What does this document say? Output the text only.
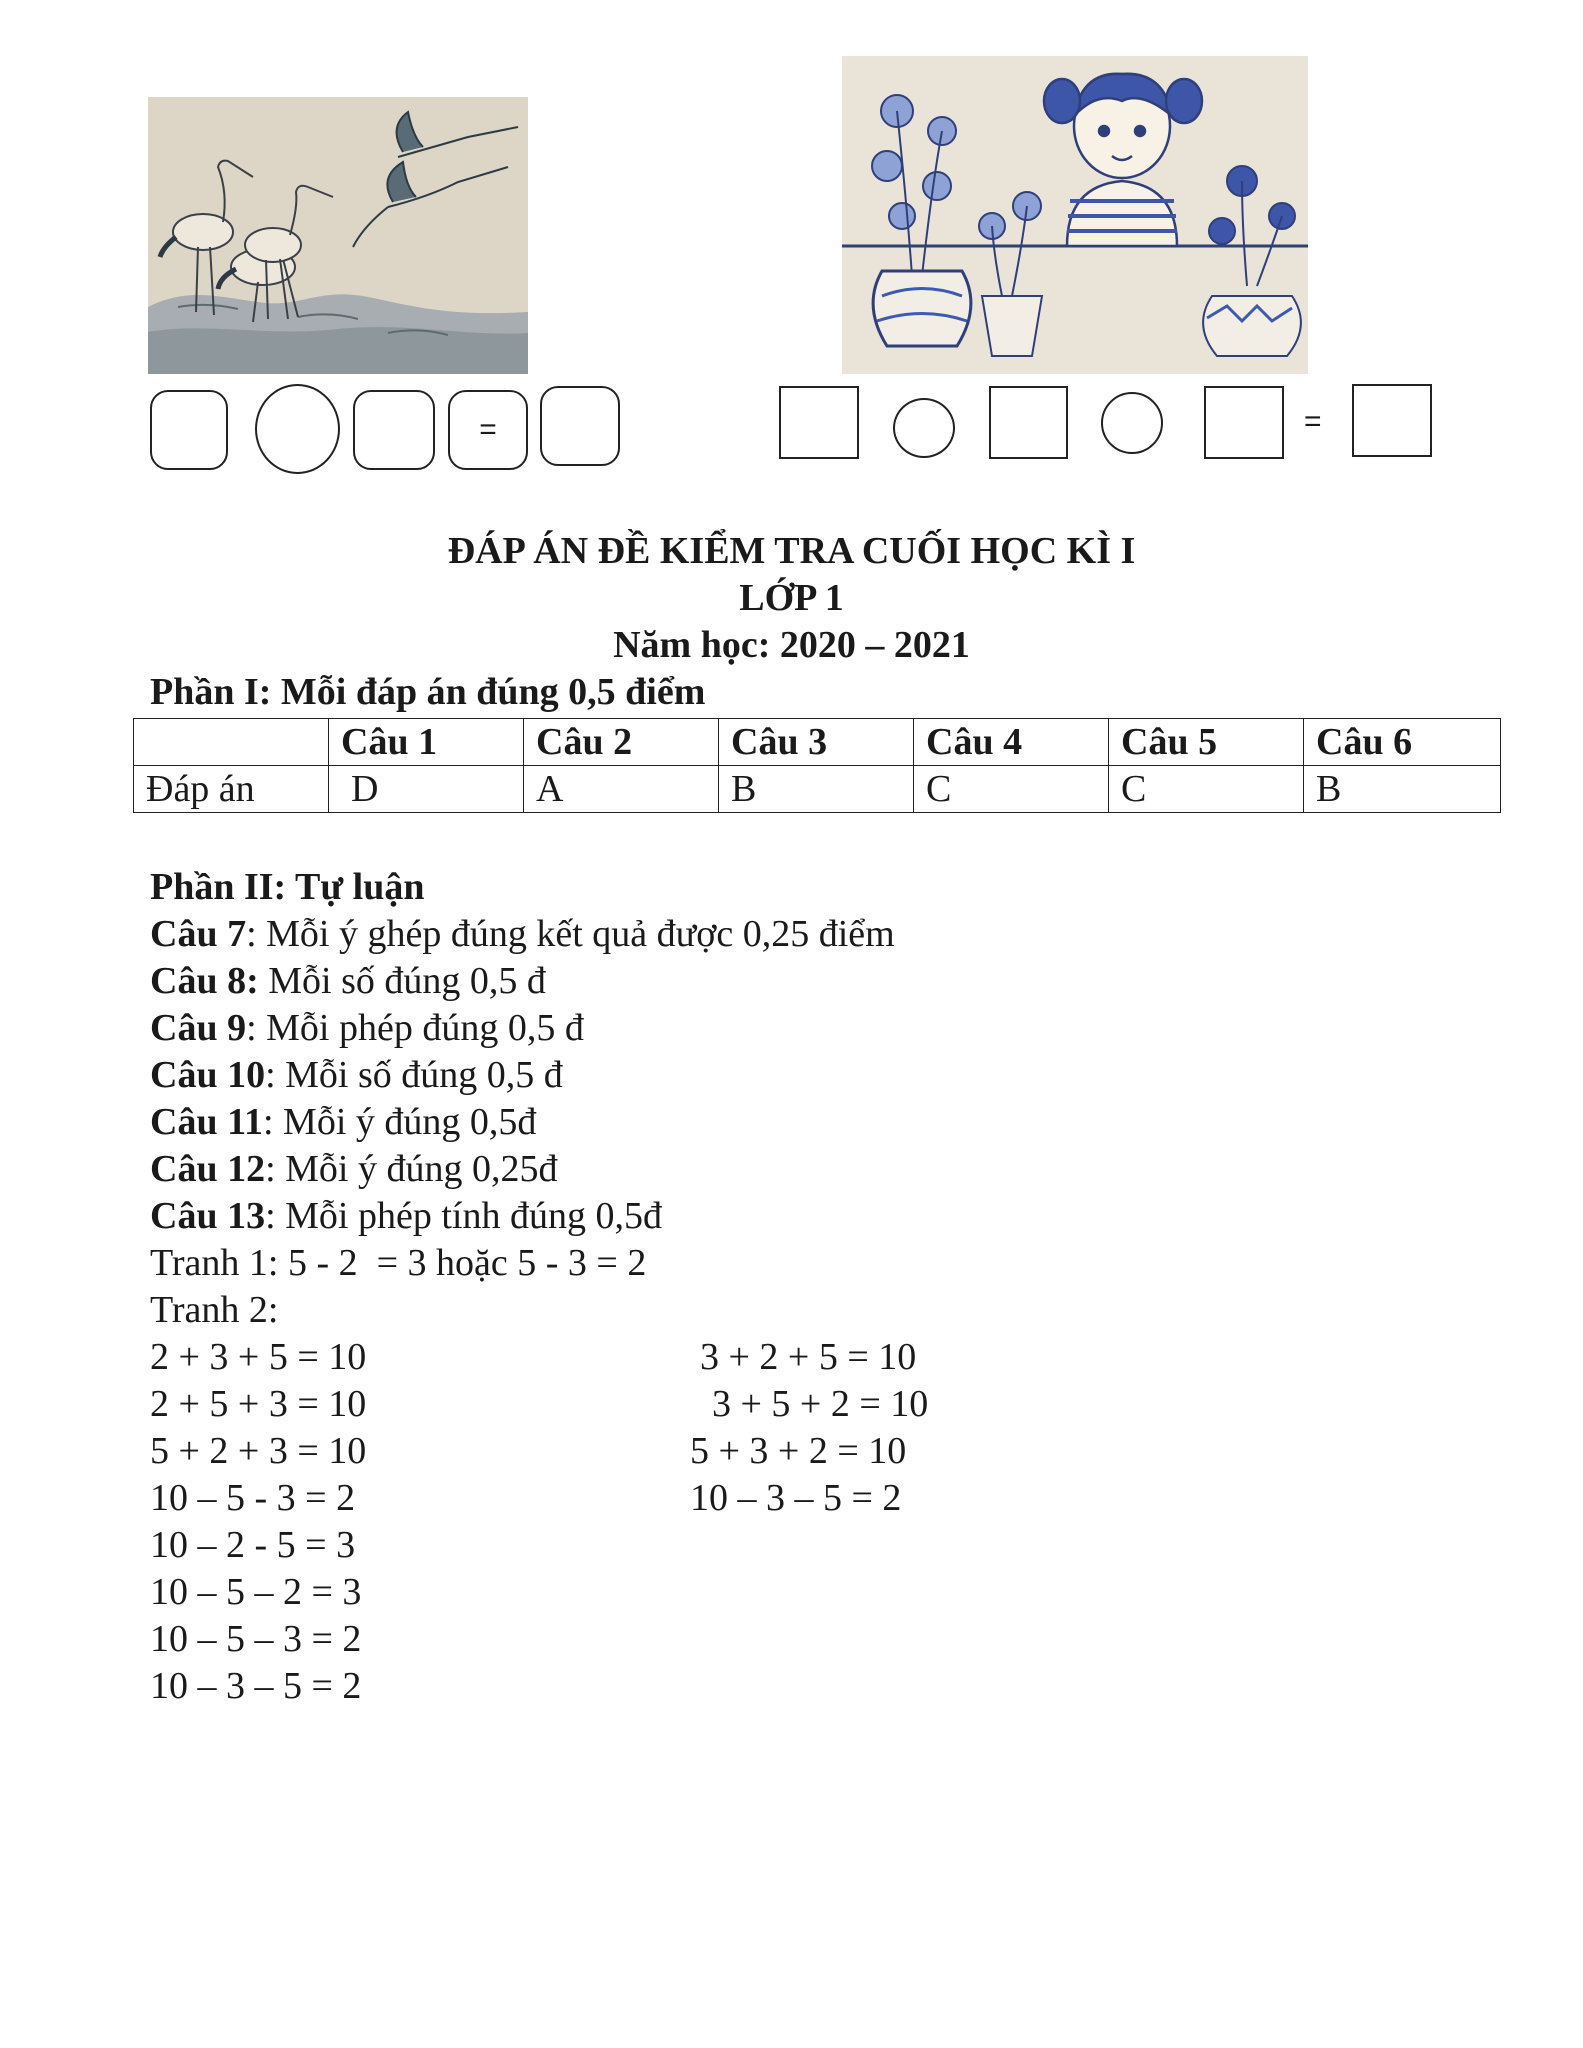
=	=
ĐÁP ÁN ĐỀ KIỂM TRA CUỐI HỌC KÌ I
LỚP 1
Năm học: 2020 – 2021
Phần I: Mỗi đáp án đúng 0,5 điểm
	Câu 1	Câu 2	Câu 3	Câu 4	Câu 5	Câu 6
Đáp án	D	A	B	C	C	B
Phần II: Tự luận
Câu 7: Mỗi ý ghép đúng kết quả được 0,25 điểm
Câu 8: Mỗi số đúng 0,5 đ
Câu 9: Mỗi phép đúng 0,5 đ
Câu 10: Mỗi số đúng 0,5 đ
Câu 11: Mỗi ý đúng 0,5đ
Câu 12: Mỗi ý đúng 0,25đ
Câu 13: Mỗi phép tính đúng 0,5đ
Tranh 1: 5 - 2  = 3 hoặc 5 - 3 = 2
Tranh 2:
2 + 3 + 5 = 10
2 + 5 + 3 = 10
5 + 2 + 3 = 10
10 – 5 - 3 = 2
10 – 2 - 5 = 3
10 – 5 – 2 = 3
10 – 5 – 3 = 2
10 – 3 – 5 = 2
3 + 2 + 5 = 10
3 + 5 + 2 = 10
5 + 3 + 2 = 10
10 – 3 – 5 = 2
